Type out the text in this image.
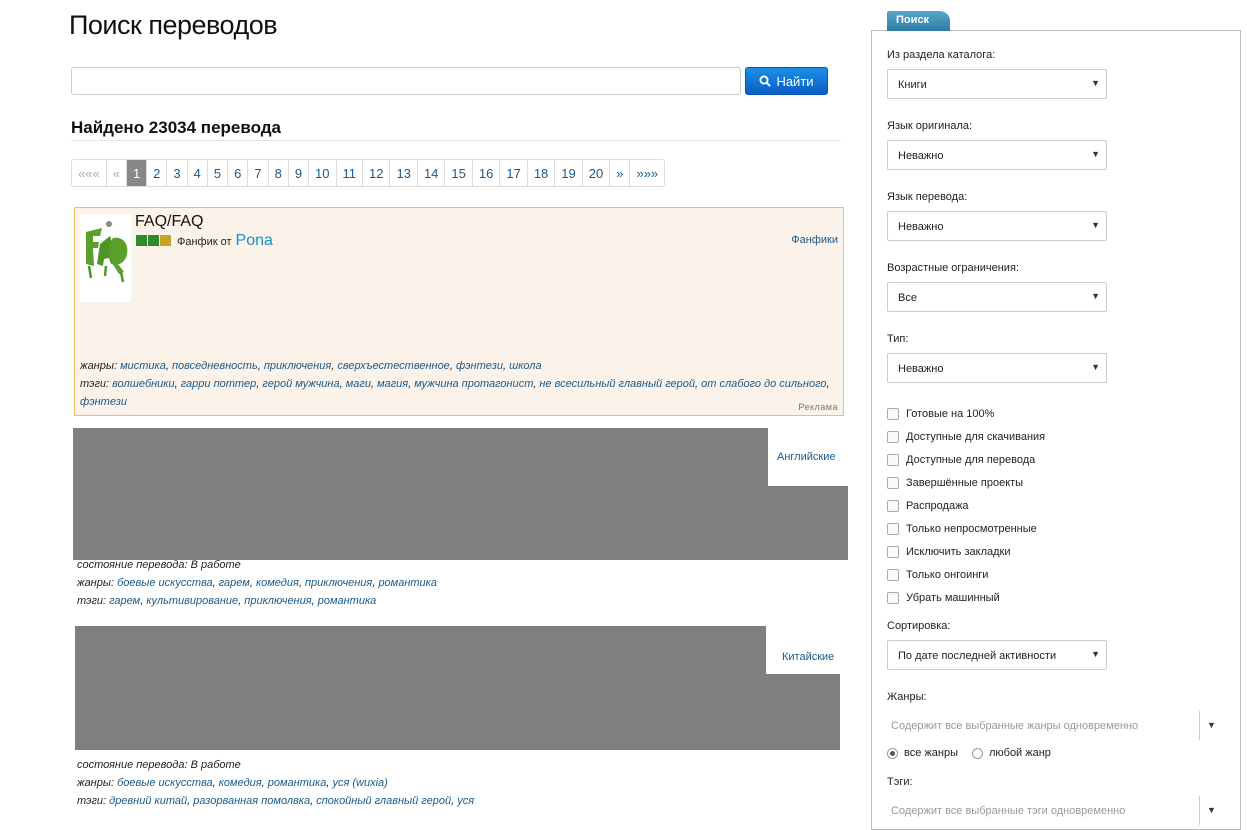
Поиск переводов
Найти
Найдено 23034 перевода
«««	«	1	2	3	4	5	6	7	8	9	10	11	12	13	14	15	16	17	18	19	20	»	»»»
FAQ/FAQ
Фанфик от Pona	Фанфики
жанры: мистика, повседневность, приключения, сверхъестественное, фэнтези, школа
тэги: волшебники, гарри поттер, герой мужчина, маги, магия, мужчина протагонист, не всесильный главный герой, от слабого до сильного, фэнтези	Реклама
Английские
состояние перевода: В работе
жанры: боевые искусства, гарем, комедия, приключения, романтика
тэги: гарем, культивирование, приключения, романтика
Китайские
состояние перевода: В работе
жанры: боевые искусства, комедия, романтика, уся (wuxia)
тэги: древний китай, разорванная помолвка, спокойный главный герой, уся
Поиск
Из раздела каталога:
Книги	▼
Язык оригинала:
Неважно	▼
Язык перевода:
Неважно	▼
Возрастные ограничения:
Все	▼
Тип:
Неважно	▼
Готовые на 100%
Доступные для скачивания
Доступные для перевода
Завершённые проекты
Распродажа
Только непросмотренные
Исключить закладки
Только онгоинги
Убрать машинный
Сортировка:
По дате последней активности	▼
Жанры:
Содержит все выбранные жанры одновременно	▼
все жанры	любой жанр
Тэги:
Содержит все выбранные тэги одновременно	▼
